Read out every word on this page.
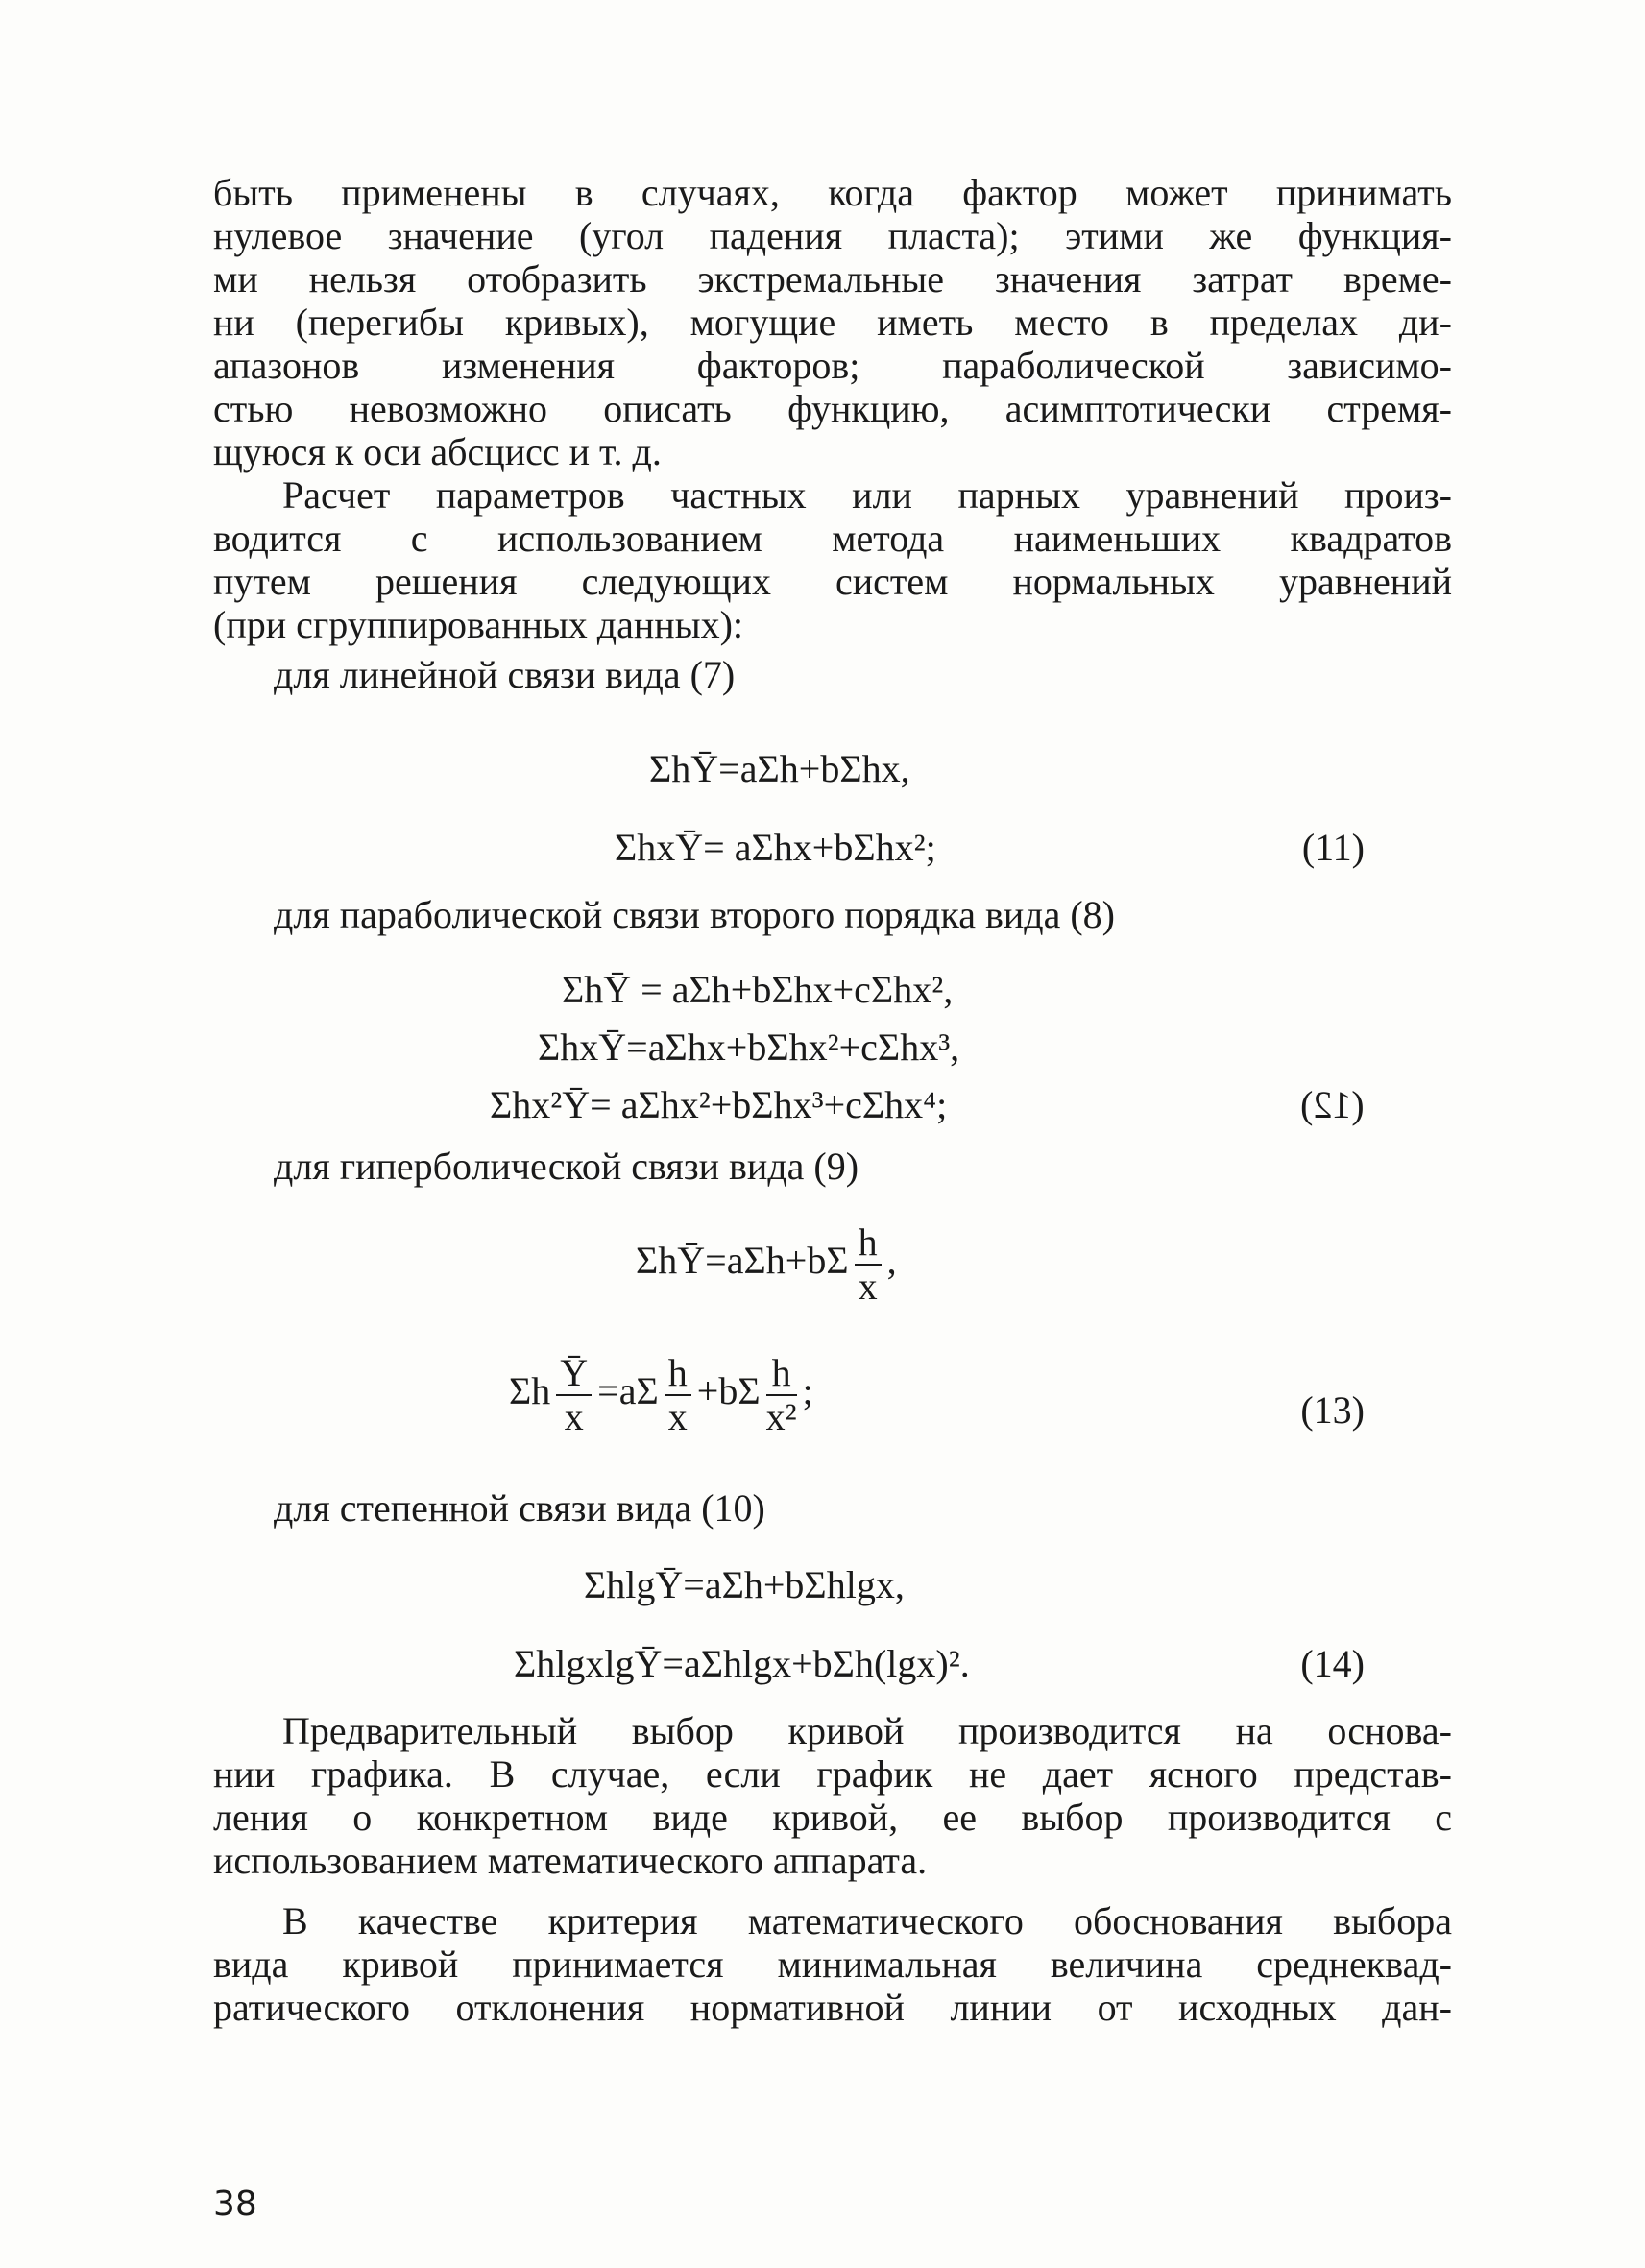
быть применены в случаях, когда фактор может принимать
нулевое значение (угол падения пласта); этими же функция-
ми нельзя отобразить экстремальные значения затрат време-
ни (перегибы кривых), могущие иметь место в пределах ди-
апазонов изменения факторов; параболической зависимо-
стью невозможно описать функцию, асимптотически стремя-
щуюся к оси абсцисс и т. д.
Расчет параметров частных или парных уравнений произ-
водится с использованием метода наименьших квадратов
путем решения следующих систем нормальных уравнений
(при сгруппированных данных):

для линейной связи вида (7)

ΣhȲ=aΣh+bΣhx,

ΣhxȲ= aΣhx+bΣhx²;	(11)

для параболической связи второго порядка вида (8)

ΣhȲ = aΣh+bΣhx+cΣhx²,

ΣhxȲ=aΣhx+bΣhx²+cΣhx³,

Σhx²Ȳ= aΣhx²+bΣhx³+cΣhx⁴;	(12)

для гиперболической связи вида (9)

ΣhȲ=aΣh+bΣ $\frac{h}{x}$ ,
Σh $\frac{Ȳ}{x} =a\Sigma \frac{h}{x} +b\Sigma \frac{h}{\text{x²}}$ ;	(13)

для степенной связи вида (10)

ΣhlgȲ=aΣh+bΣhlgx,

ΣhlgxlgȲ=aΣhlgx+bΣh(lgx)².	(14)
Предварительный выбор кривой производится на основа-
нии графика. В случае, если график не дает ясного представ-
ления о конкретном виде кривой, ее выбор производится с
использованием математического аппарата.
В качестве критерия математического обоснования выбора
вида кривой принимается минимальная величина среднеквад-
ратического отклонения нормативной линии от исходных дан-
38
